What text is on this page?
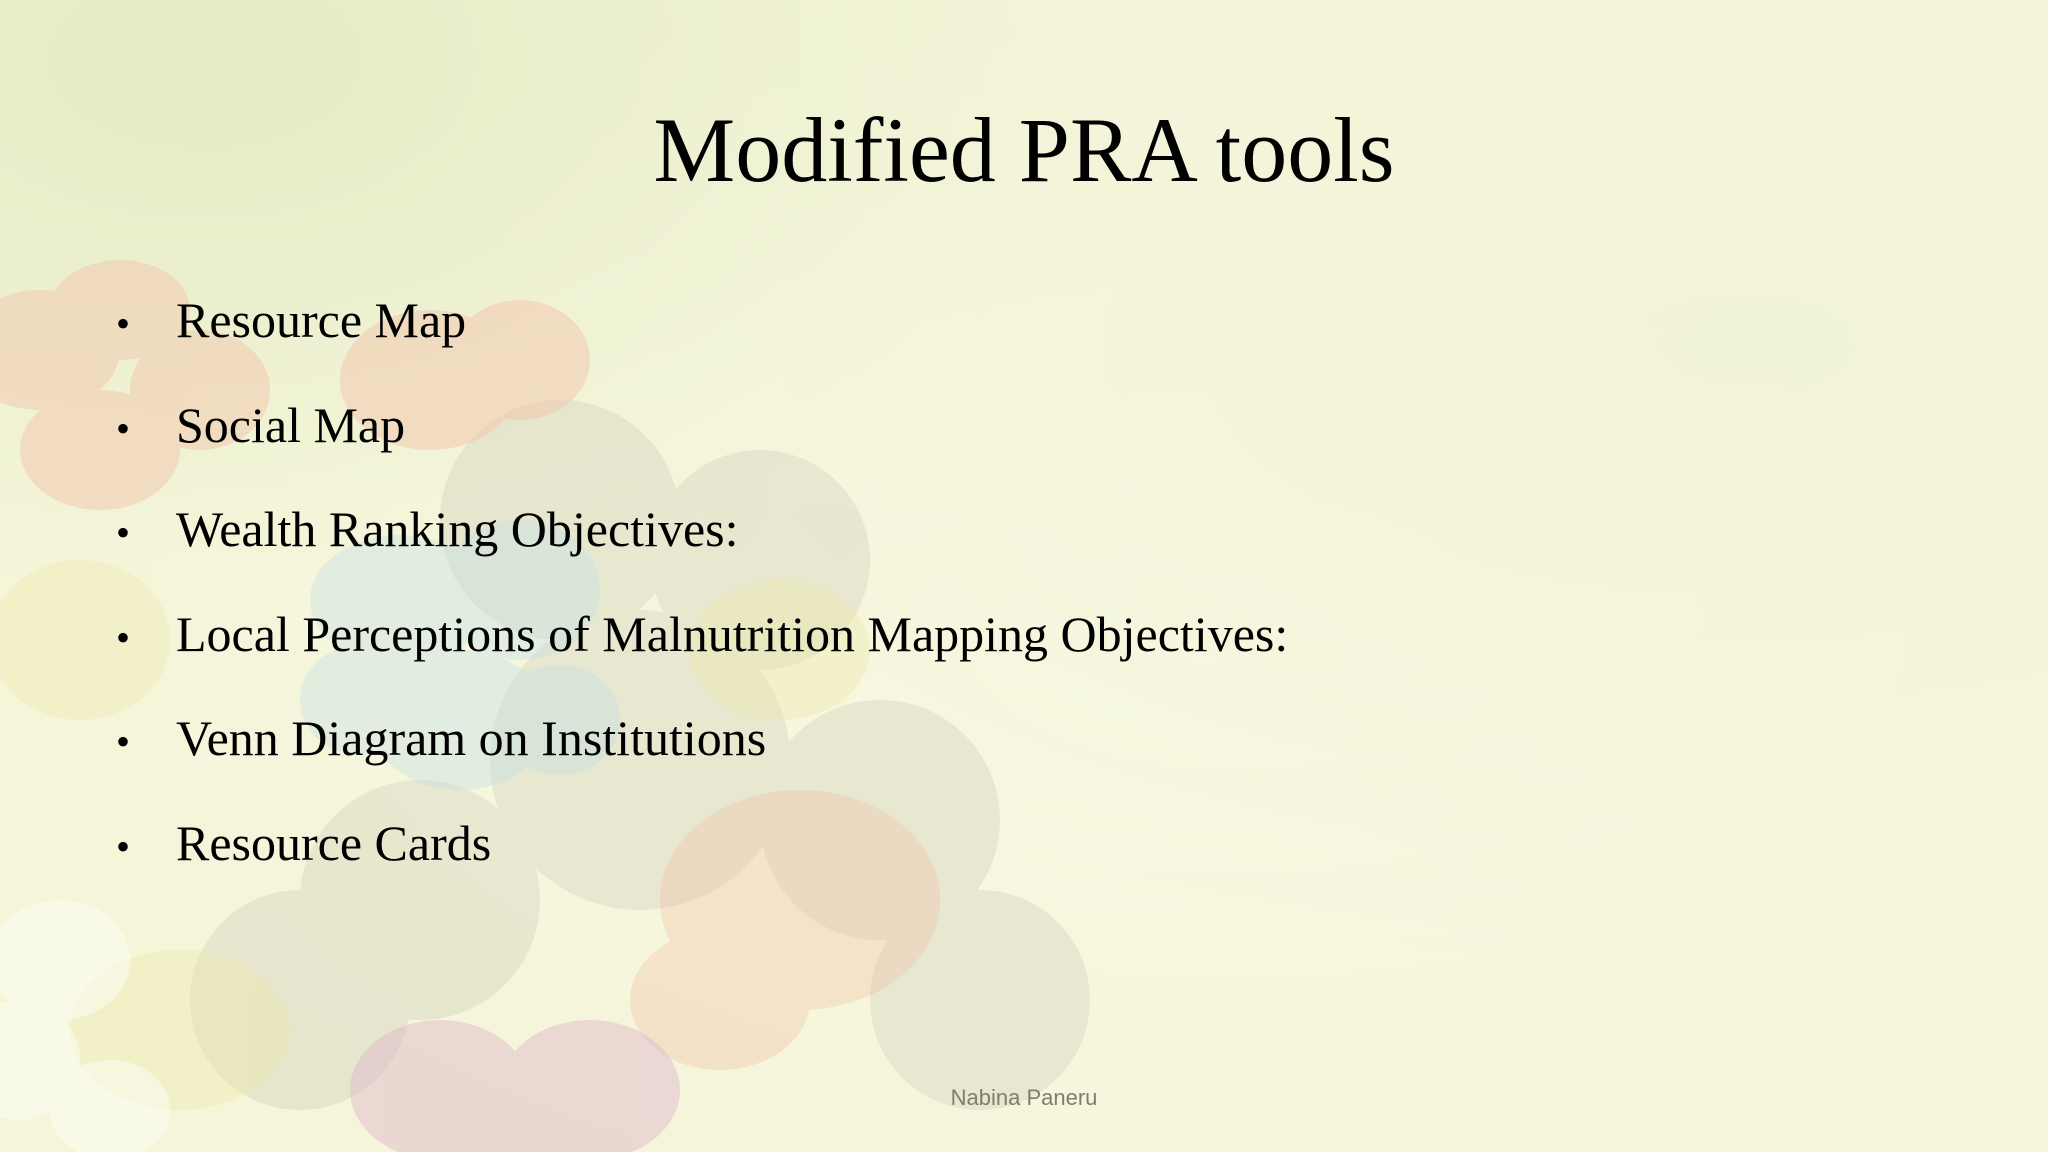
Modified PRA tools
• Resource Map
• Social Map
• Wealth Ranking Objectives:
• Local Perceptions of Malnutrition Mapping Objectives:
• Venn Diagram on Institutions
• Resource Cards
Nabina Paneru
